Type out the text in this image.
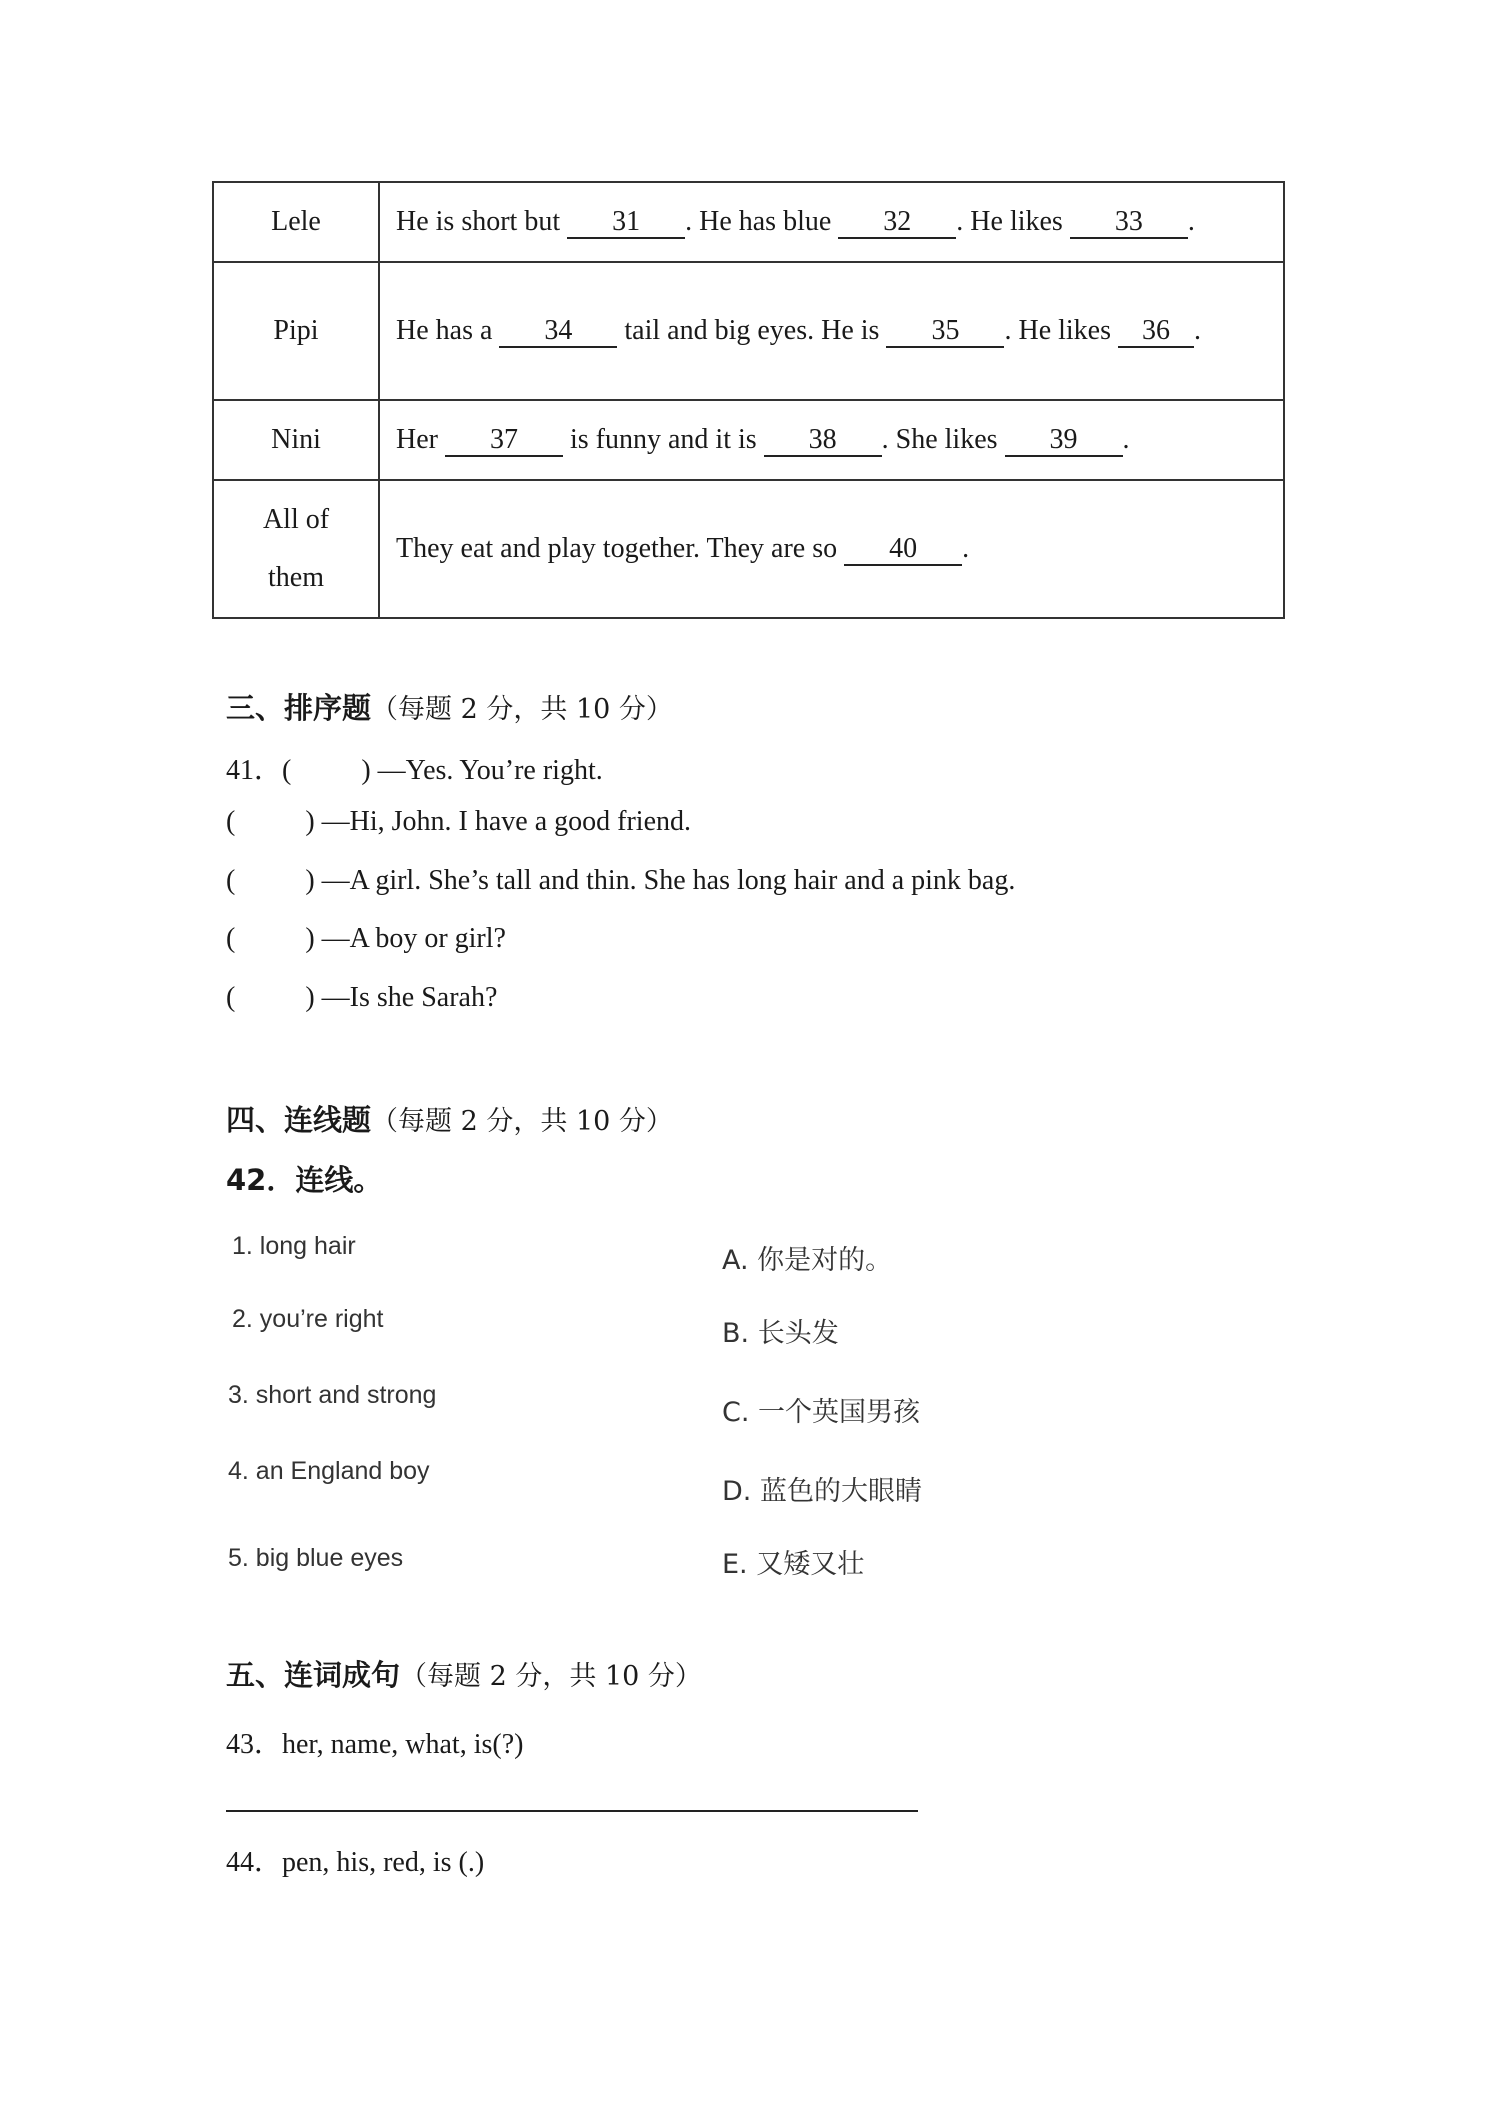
Lele	He is short but 31 . He has blue 32 . He likes 33 .
Pipi	He has a 34 tail and big eyes. He is 35 . He likes 36 .
Nini	Her 37 is funny and it is 38 . She likes 39 .
All of them	They eat and play together. They are so 40 .
三、排序题（每题 2 分，共 10 分）
41．(          ) —Yes. You’re right.
(          ) —Hi, John. I have a good friend.
(          ) —A girl. She’s tall and thin. She has long hair and a pink bag.
(          ) —A boy or girl?
(          ) —Is she Sarah?
四、连线题（每题 2 分，共 10 分）
42．连线。
1. long hair
2. you’re right
3. short and strong
4. an England boy
5. big blue eyes
A. 你是对的。
B. 长头发
C. 一个英国男孩
D. 蓝色的大眼睛
E. 又矮又壮
五、连词成句（每题 2 分，共 10 分）
43．her, name, what, is(?)
44．pen, his, red, is (.)
